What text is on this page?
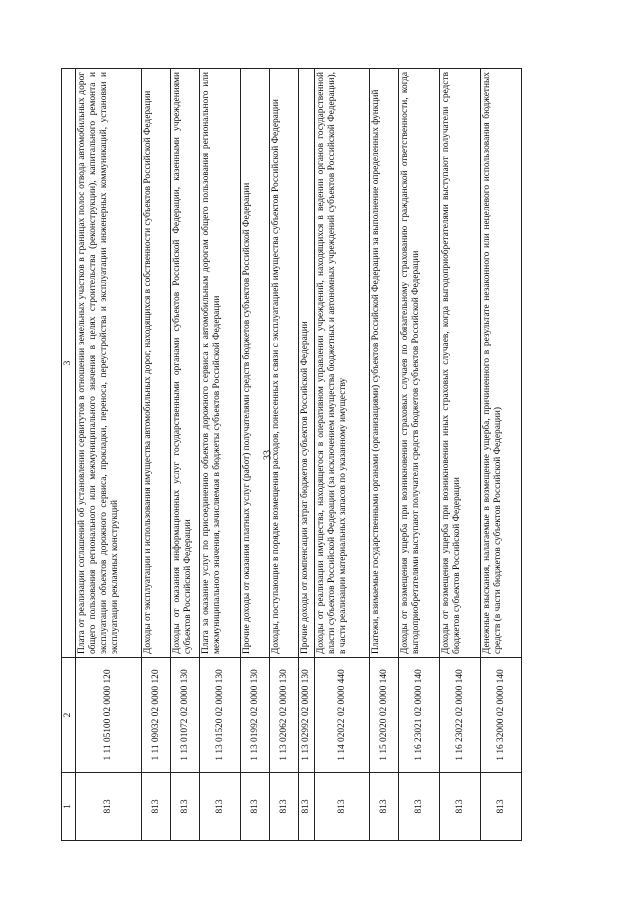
33
1	2	3
813	1 11 05100 02 0000 120	Плата от реализации соглашений об установлении сервитутов в отношении земельных участков в границах полос отвода автомобильных дорог общего пользования регионального или межмуниципального значения в целях строительства (реконструкции), капитального ремонта и эксплуатации объектов дорожного сервиса, прокладки, переноса, переустройства и эксплуатации инженерных коммуникаций, установки и эксплуатации рекламных конструкций
813	1 11 09032 02 0000 120	Доходы от эксплуатации и использования имущества автомобильных дорог, находящихся в собственности субъектов Российской Федерации
813	1 13 01072 02 0000 130	Доходы от оказания информационных услуг государственными органами субъектов Российской Федерации, казенными учреждениями субъектов Российской Федерации
813	1 13 01520 02 0000 130	Плата за оказание услуг по присоединению объектов дорожного сервиса к автомобильным дорогам общего пользования регионального или межмуниципального значения, зачисляемая в бюджеты субъектов Российской Федерации
813	1 13 01992 02 0000 130	Прочие доходы от оказания платных услуг (работ) получателями средств бюджетов субъектов Российской Федерации
813	1 13 02062 02 0000 130	Доходы, поступающие в порядке возмещения расходов, понесенных в связи с эксплуатацией имущества субъектов Российской Федерации
813	1 13 02992 02 0000 130	Прочие доходы от компенсации затрат бюджетов субъектов Российской Федерации
813	1 14 02022 02 0000 440	Доходы от реализации имущества, находящегося в оперативном управлении учреждений, находящихся в ведении органов государственной власти субъектов Российской Федерации (за исключением имущества бюджетных и автономных учреждений субъектов Российской Федерации), в части реализации материальных запасов по указанному имуществу
813	1 15 02020 02 0000 140	Платежи, взимаемые государственными органами (организациями) субъектов Российской Федерации за выполнение определенных функций
813	1 16 23021 02 0000 140	Доходы от возмещения ущерба при возникновении страховых случаев по обязательному страхованию гражданской ответственности, когда выгодоприобретателями выступают получатели средств бюджетов субъектов Российской Федерации
813	1 16 23022 02 0000 140	Доходы от возмещения ущерба при возникновении иных страховых случаев, когда выгодоприобретателями выступают получатели средств бюджетов субъектов Российской Федерации
813	1 16 32000 02 0000 140	Денежные взыскания, налагаемые в возмещение ущерба, причиненного в результате незаконного или нецелевого использования бюджетных средств (в части бюджетов субъектов Российской Федерации)
